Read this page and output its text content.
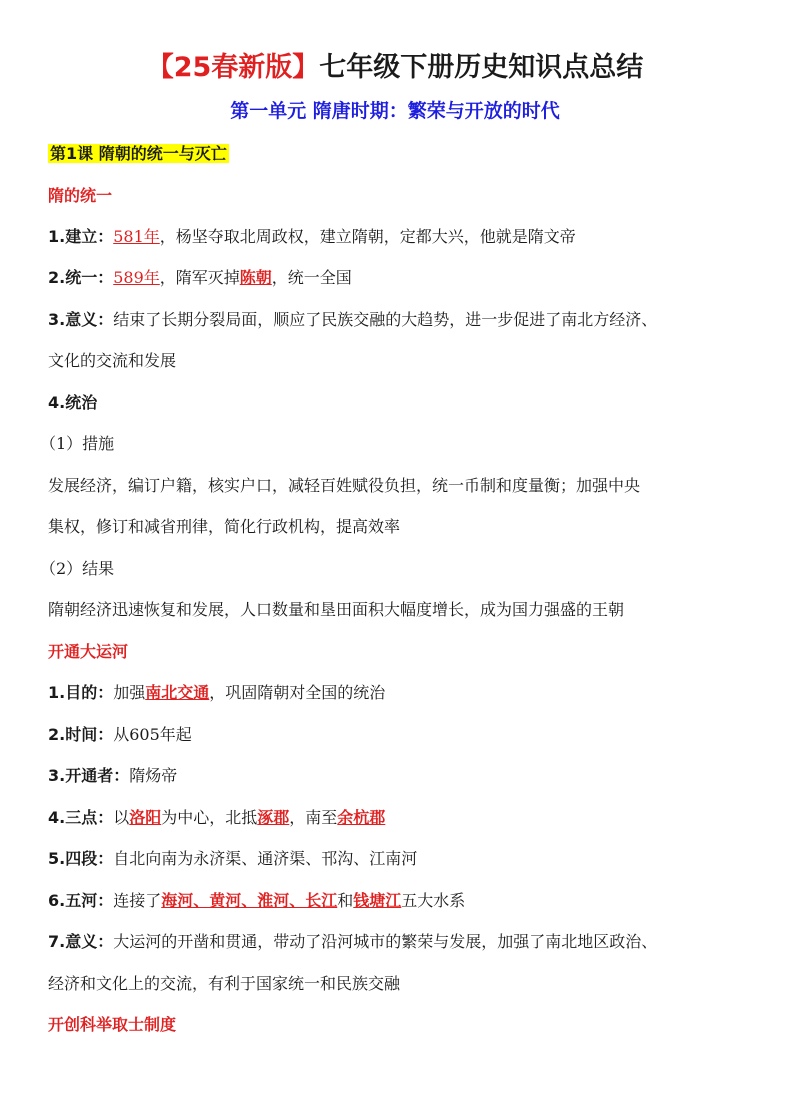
【25春新版】七年级下册历史知识点总结
第一单元 隋唐时期：繁荣与开放的时代
第1课 隋朝的统一与灭亡
隋的统一
1.建立：581年，杨坚夺取北周政权，建立隋朝，定都大兴，他就是隋文帝
2.统一：589年，隋军灭掉陈朝，统一全国
3.意义：结束了长期分裂局面，顺应了民族交融的大趋势，进一步促进了南北方经济、
文化的交流和发展
4.统治
（1）措施
发展经济，编订户籍，核实户口，减轻百姓赋役负担，统一币制和度量衡；加强中央
集权，修订和减省刑律，简化行政机构，提高效率
（2）结果
隋朝经济迅速恢复和发展，人口数量和垦田面积大幅度增长，成为国力强盛的王朝
开通大运河
1.目的：加强南北交通，巩固隋朝对全国的统治
2.时间：从605年起
3.开通者：隋炀帝
4.三点：以洛阳为中心，北抵涿郡，南至余杭郡
5.四段：自北向南为永济渠、通济渠、邗沟、江南河
6.五河：连接了海河、黄河、淮河、长江和钱塘江五大水系
7.意义：大运河的开凿和贯通，带动了沿河城市的繁荣与发展，加强了南北地区政治、
经济和文化上的交流，有利于国家统一和民族交融
开创科举取士制度
